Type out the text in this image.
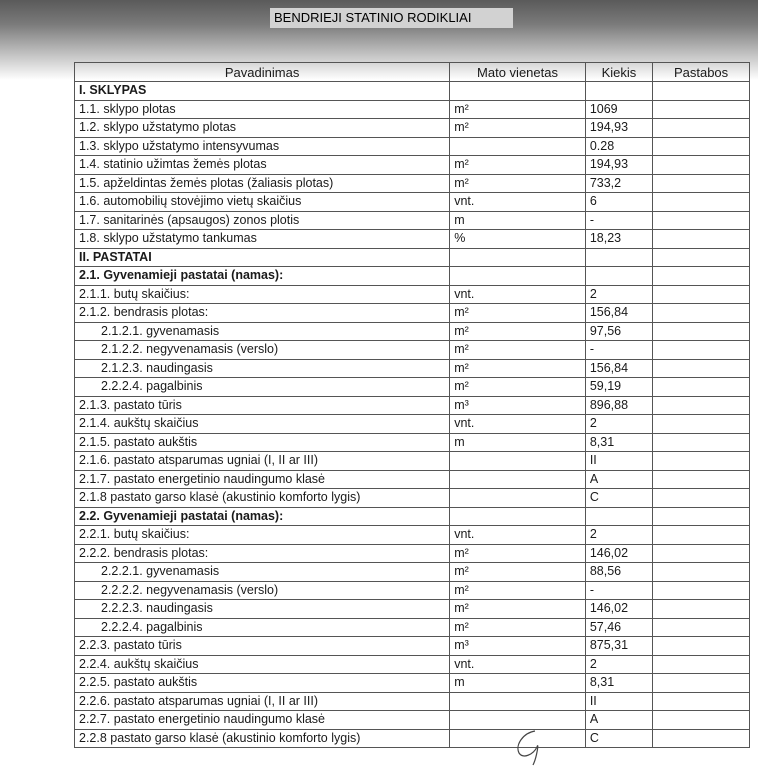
BENDRIEJI STATINIO RODIKLIAI
Pavadinimas	Mato vienetas	Kiekis	Pastabos
I. SKLYPAS			
1.1. sklypo plotas	m²	1069	
1.2. sklypo užstatymo plotas	m²	194,93	
1.3. sklypo užstatymo intensyvumas		0.28	
1.4. statinio užimtas žemės plotas	m²	194,93	
1.5. apželdintas žemės plotas (žaliasis plotas)	m²	733,2	
1.6. automobilių stovėjimo vietų skaičius	vnt.	6	
1.7. sanitarinės (apsaugos) zonos plotis	m	-	
1.8. sklypo užstatymo tankumas	%	18,23	
II. PASTATAI			
2.1. Gyvenamieji pastatai (namas):			
2.1.1. butų skaičius:	vnt.	2	
2.1.2. bendrasis plotas:	m²	156,84	
2.1.2.1. gyvenamasis	m²	97,56	
2.1.2.2. negyvenamasis (verslo)	m²	-	
2.1.2.3. naudingasis	m²	156,84	
2.2.2.4. pagalbinis	m²	59,19	
2.1.3. pastato tūris	m³	896,88	
2.1.4. aukštų skaičius	vnt.	2	
2.1.5. pastato aukštis	m	8,31	
2.1.6. pastato atsparumas ugniai (I, II ar III)		II	
2.1.7. pastato energetinio naudingumo klasė		A	
2.1.8 pastato garso klasė (akustinio komforto lygis)		C	
2.2. Gyvenamieji pastatai (namas):			
2.2.1. butų skaičius:	vnt.	2	
2.2.2. bendrasis plotas:	m²	146,02	
2.2.2.1. gyvenamasis	m²	88,56	
2.2.2.2. negyvenamasis (verslo)	m²	-	
2.2.2.3. naudingasis	m²	146,02	
2.2.2.4. pagalbinis	m²	57,46	
2.2.3. pastato tūris	m³	875,31	
2.2.4. aukštų skaičius	vnt.	2	
2.2.5. pastato aukštis	m	8,31	
2.2.6. pastato atsparumas ugniai (I, II ar III)		II	
2.2.7. pastato energetinio naudingumo klasė		A	
2.2.8 pastato garso klasė (akustinio komforto lygis)		C	
